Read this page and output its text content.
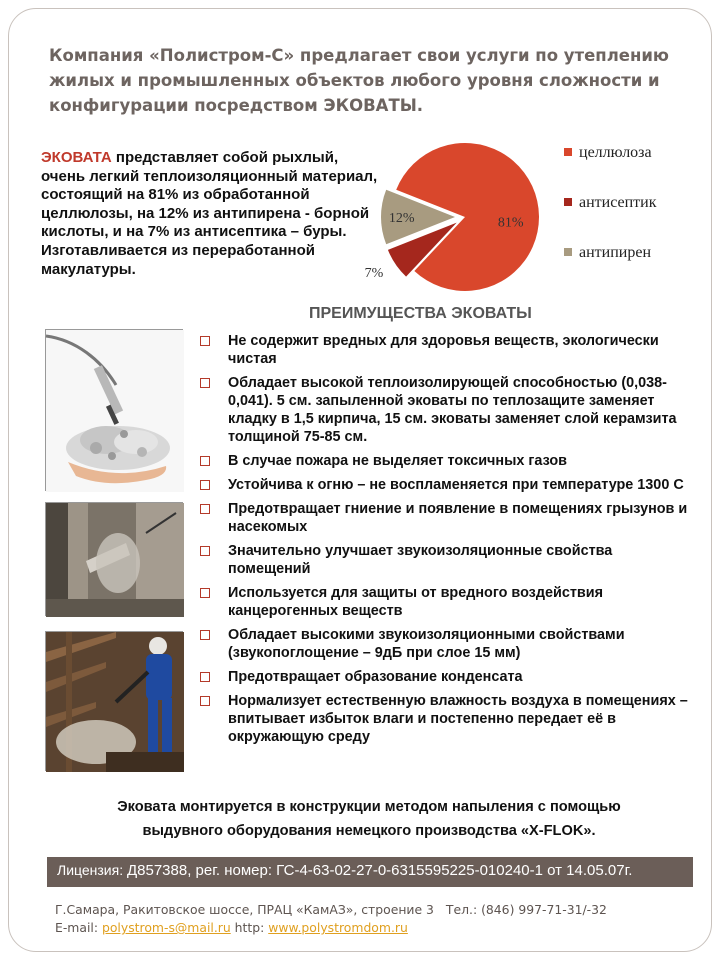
Компания «Полистром-С» предлагает свои услуги по утеплению жилых и промышленных объектов любого уровня сложности и конфигурации посредством ЭКОВАТЫ.
ЭКОВАТА представляет собой рыхлый, очень легкий теплоизоляционный материал, состоящий на 81% из обработанной целлюлозы, на 12% из антипирена - борной кислоты, и на 7% из антисептика – буры. Изготавливается из переработанной макулатуры.
81%
7%
12%
целлюлоза
антисептик
антипирен
ПРЕИМУЩЕСТВА ЭКОВАТЫ
Не содержит вредных для здоровья веществ, экологически чистая
Обладает высокой теплоизолирующей способностью (0,038-0,041). 5 см. запыленной эковаты по теплозащите заменяет кладку в 1,5 кирпича, 15 см. эковаты заменяет слой керамзита толщиной 75-85 см.
В случае пожара не выделяет токсичных газов
Устойчива к огню – не воспламеняется при температуре 1300 С
Предотвращает гниение и появление в помещениях грызунов и насекомых
Значительно улучшает звукоизоляционные свойства помещений
Используется для защиты от вредного воздействия канцерогенных веществ
Обладает высокими звукоизоляционными свойствами (звукопоглощение – 9дБ при слое 15 мм)
Предотвращает образование конденсата
Нормализует естественную влажность воздуха в помещениях – впитывает избыток влаги и постепенно передает её в окружающую среду
Эковата монтируется в конструкции методом напыления с помощью
выдувного оборудования немецкого производства «X-FLOK».
Лицензия: Д857388, рег. номер: ГС-4-63-02-27-0-6315595225-010240-1 от 14.05.07г.
Г.Самара, Ракитовское шоссе, ПРАЦ «КамАЗ», строение 3 Тел.: (846) 997-71-31/-32
E-mail: polystrom-s@mail.ru http: www.polystromdom.ru
